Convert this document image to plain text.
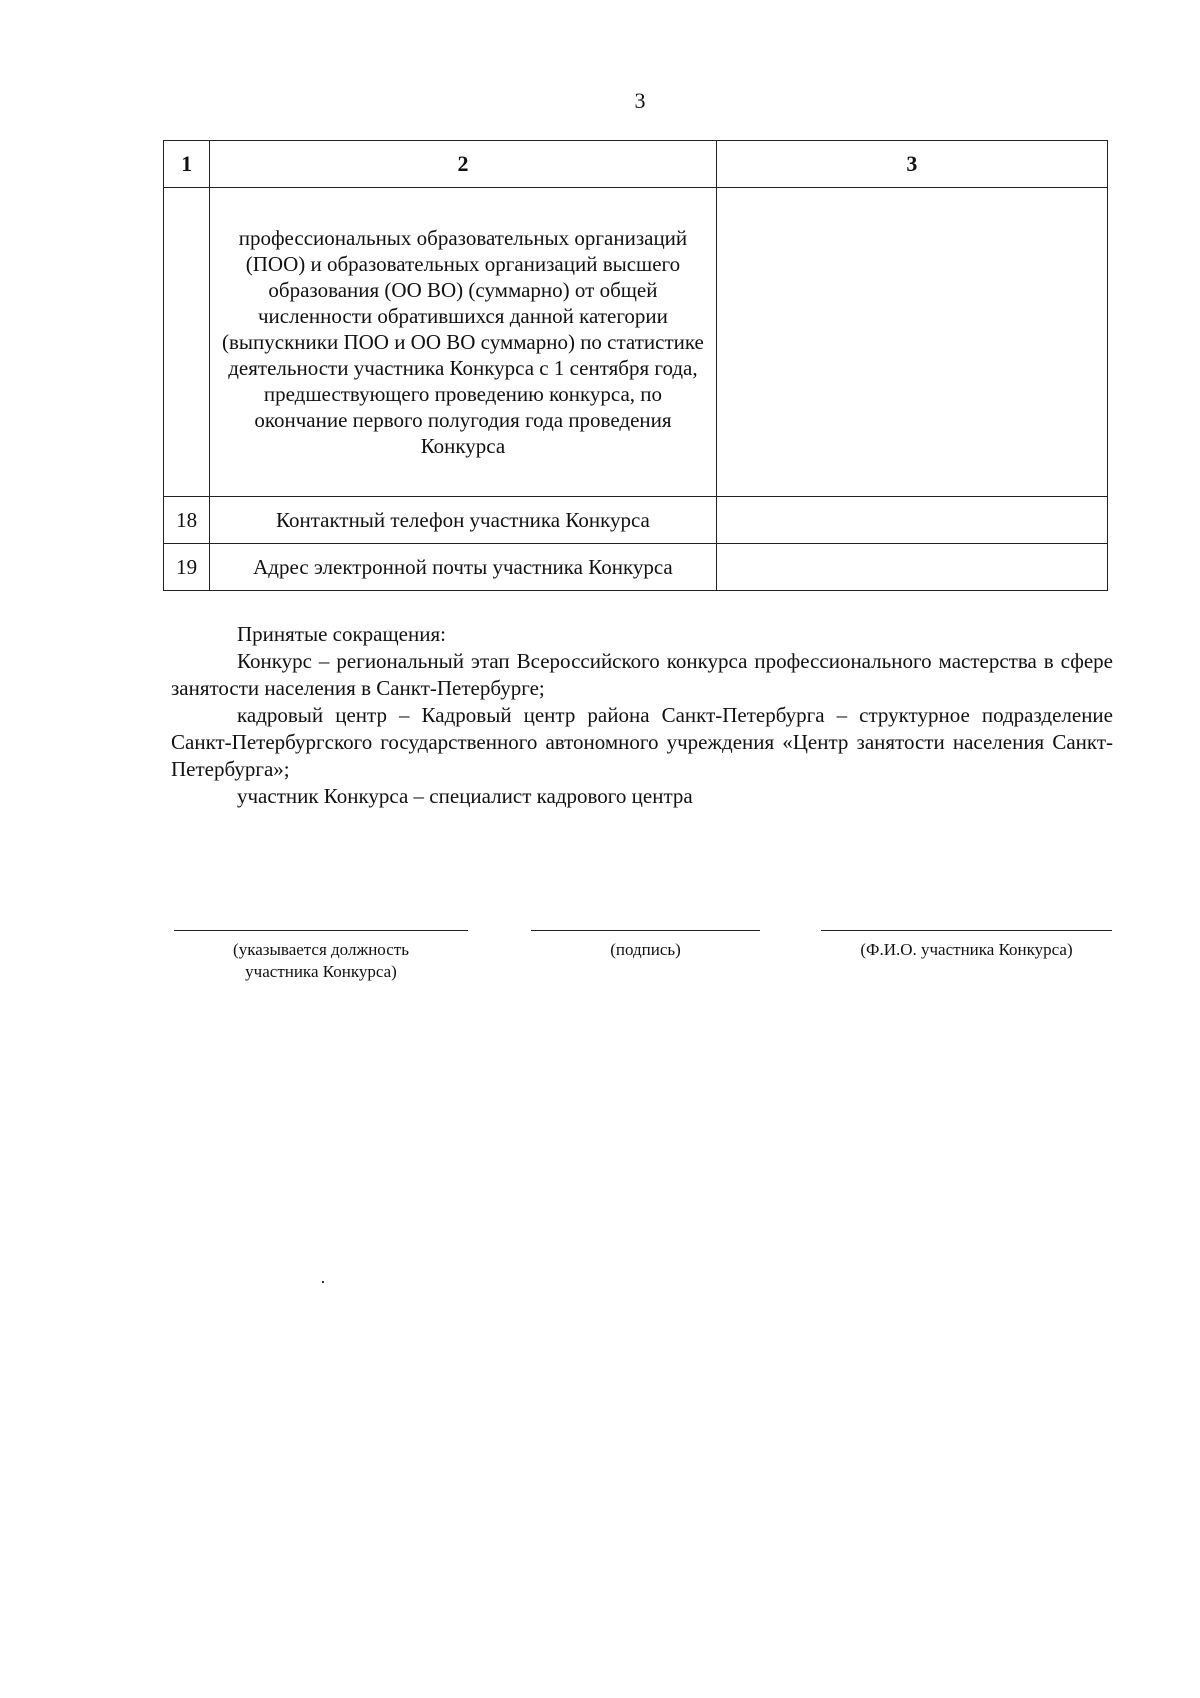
3
1	2	3
	профессиональных образовательных организаций (ПОО) и образовательных организаций высшего образования (ОО ВО) (суммарно) от общей численности обратившихся данной категории (выпускники ПОО и ОО ВО суммарно) по статистике деятельности участника Конкурса с 1 сентября года, предшествующего проведению конкурса, по окончание первого полугодия года проведения Конкурса	
18	Контактный телефон участника Конкурса	
19	Адрес электронной почты участника Конкурса	

Принятые сокращения:

Конкурс – региональный этап Всероссийского конкурса профессионального мастерства в сфере занятости населения в Санкт-Петербурге;

кадровый центр – Кадровый центр района Санкт-Петербурга – структурное подразделение Санкт-Петербургского государственного автономного учреждения «Центр занятости населения Санкт-Петербурга»;

участник Конкурса – специалист кадрового центра

(указывается должность участника Конкурса)
(подпись)	(Ф.И.О. участника Конкурса)
